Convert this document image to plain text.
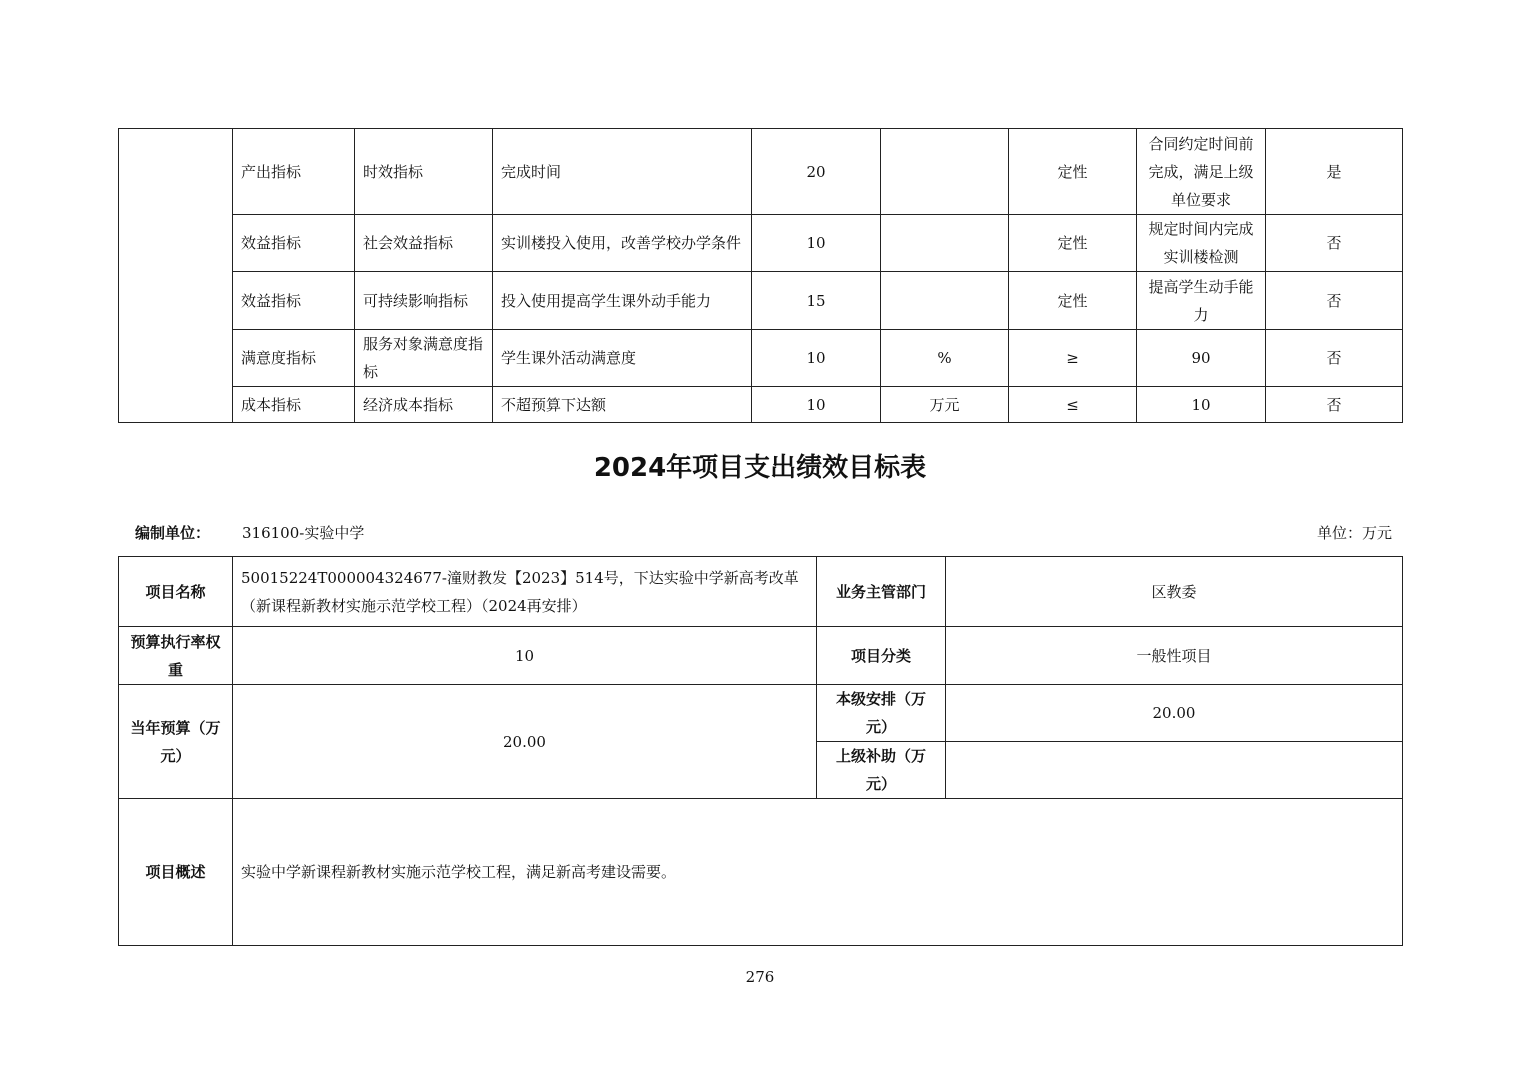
	产出指标	时效指标	完成时间	20		定性	合同约定时间前完成，满足上级单位要求	是
	效益指标	社会效益指标	实训楼投入使用，改善学校办学条件	10		定性	规定时间内完成实训楼检测	否
	效益指标	可持续影响指标	投入使用提高学生课外动手能力	15		定性	提高学生动手能力	否
	满意度指标	服务对象满意度指标	学生课外活动满意度	10	%	≥	90	否
	成本指标	经济成本指标	不超预算下达额	10	万元	≤	10	否
2024年项目支出绩效目标表
编制单位： 316100-实验中学	单位：万元
项目名称	50015224T000004324677-潼财教发【2023】514号，下达实验中学新高考改革（新课程新教材实施示范学校工程）（2024再安排）	业务主管部门	区教委
预算执行率权重	10	项目分类	一般性项目
当年预算（万元）	20.00	本级安排（万元）	20.00
		上级补助（万元）	
项目概述	实验中学新课程新教材实施示范学校工程，满足新高考建设需要。		
276
